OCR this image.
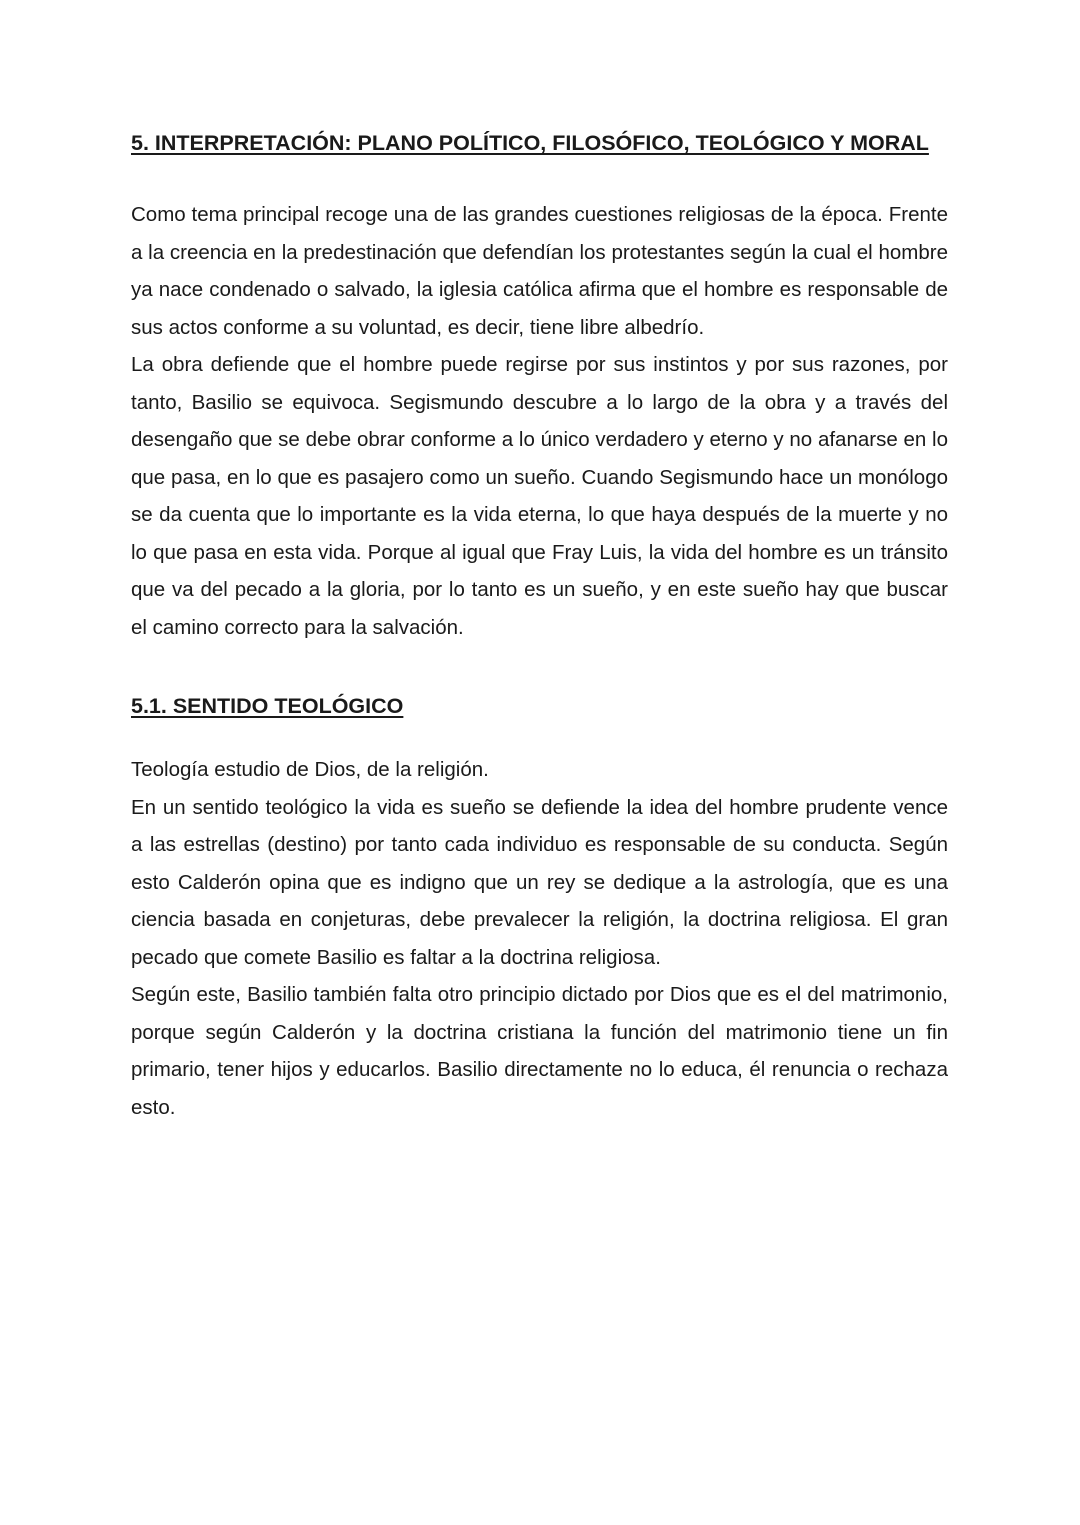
5. INTERPRETACIÓN: PLANO POLÍTICO, FILOSÓFICO, TEOLÓGICO Y MORAL

Como tema principal recoge una de las grandes cuestiones religiosas de la época. Frente a la creencia en la predestinación que defendían los protestantes según la cual el hombre ya nace condenado o salvado, la iglesia católica afirma que el hombre es responsable de sus actos conforme a su voluntad, es decir, tiene libre albedrío.

La obra defiende que el hombre puede regirse por sus instintos y por sus razones, por tanto, Basilio se equivoca. Segismundo descubre a lo largo de la obra y a través del desengaño que se debe obrar conforme a lo único verdadero y eterno y no afanarse en lo que pasa, en lo que es pasajero como un sueño. Cuando Segismundo hace un monólogo se da cuenta que lo importante es la vida eterna, lo que haya después de la muerte y no lo que pasa en esta vida. Porque al igual que Fray Luis, la vida del hombre es un tránsito que va del pecado a la gloria, por lo tanto es un sueño, y en este sueño hay que buscar el camino correcto para la salvación.

5.1. SENTIDO TEOLÓGICO

Teología estudio de Dios, de la religión.

En un sentido teológico la vida es sueño se defiende la idea del hombre prudente vence a las estrellas (destino) por tanto cada individuo es responsable de su conducta. Según esto Calderón opina que es indigno que un rey se dedique a la astrología, que es una ciencia basada en conjeturas, debe prevalecer la religión, la doctrina religiosa. El gran pecado que comete Basilio es faltar a la doctrina religiosa.

Según este, Basilio también falta otro principio dictado por Dios que es el del matrimonio, porque según Calderón y la doctrina cristiana la función del matrimonio tiene un fin primario, tener hijos y educarlos. Basilio directamente no lo educa, él renuncia o rechaza esto.
